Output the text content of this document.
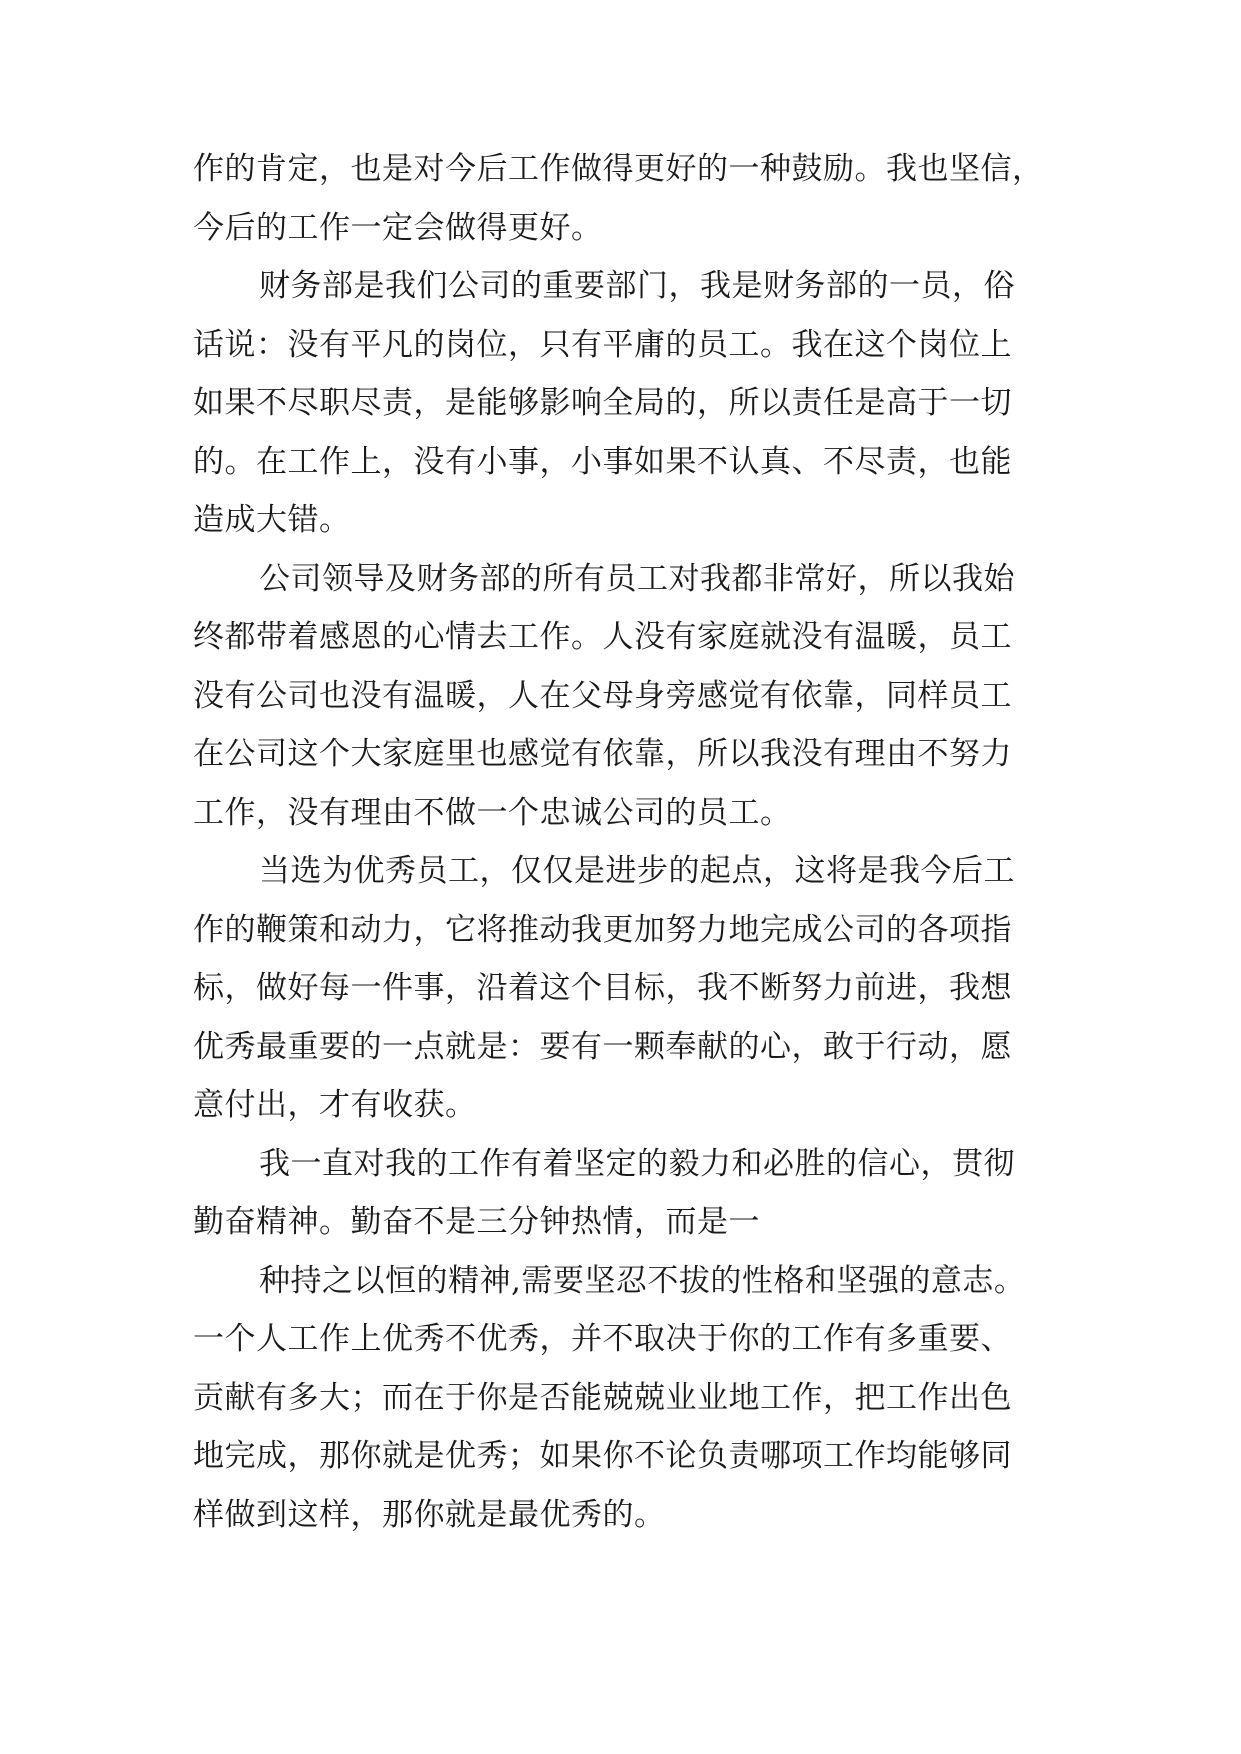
作的肯定，也是对今后工作做得更好的一种鼓励。我也坚信，
今后的工作一定会做得更好。
财务部是我们公司的重要部门，我是财务部的一员，俗
话说：没有平凡的岗位，只有平庸的员工。我在这个岗位上
如果不尽职尽责，是能够影响全局的，所以责任是高于一切
的。在工作上，没有小事，小事如果不认真、不尽责，也能
造成大错。
公司领导及财务部的所有员工对我都非常好，所以我始
终都带着感恩的心情去工作。人没有家庭就没有温暖，员工
没有公司也没有温暖，人在父母身旁感觉有依靠，同样员工
在公司这个大家庭里也感觉有依靠，所以我没有理由不努力
工作，没有理由不做一个忠诚公司的员工。
当选为优秀员工，仅仅是进步的起点，这将是我今后工
作的鞭策和动力，它将推动我更加努力地完成公司的各项指
标，做好每一件事，沿着这个目标，我不断努力前进，我想
优秀最重要的一点就是：要有一颗奉献的心，敢于行动，愿
意付出，才有收获。
我一直对我的工作有着坚定的毅力和必胜的信心，贯彻
勤奋精神。勤奋不是三分钟热情，而是一
种持之以恒的精神,需要坚忍不拔的性格和坚强的意志。
一个人工作上优秀不优秀，并不取决于你的工作有多重要、
贡献有多大；而在于你是否能兢兢业业地工作，把工作出色
地完成，那你就是优秀；如果你不论负责哪项工作均能够同
样做到这样，那你就是最优秀的。
